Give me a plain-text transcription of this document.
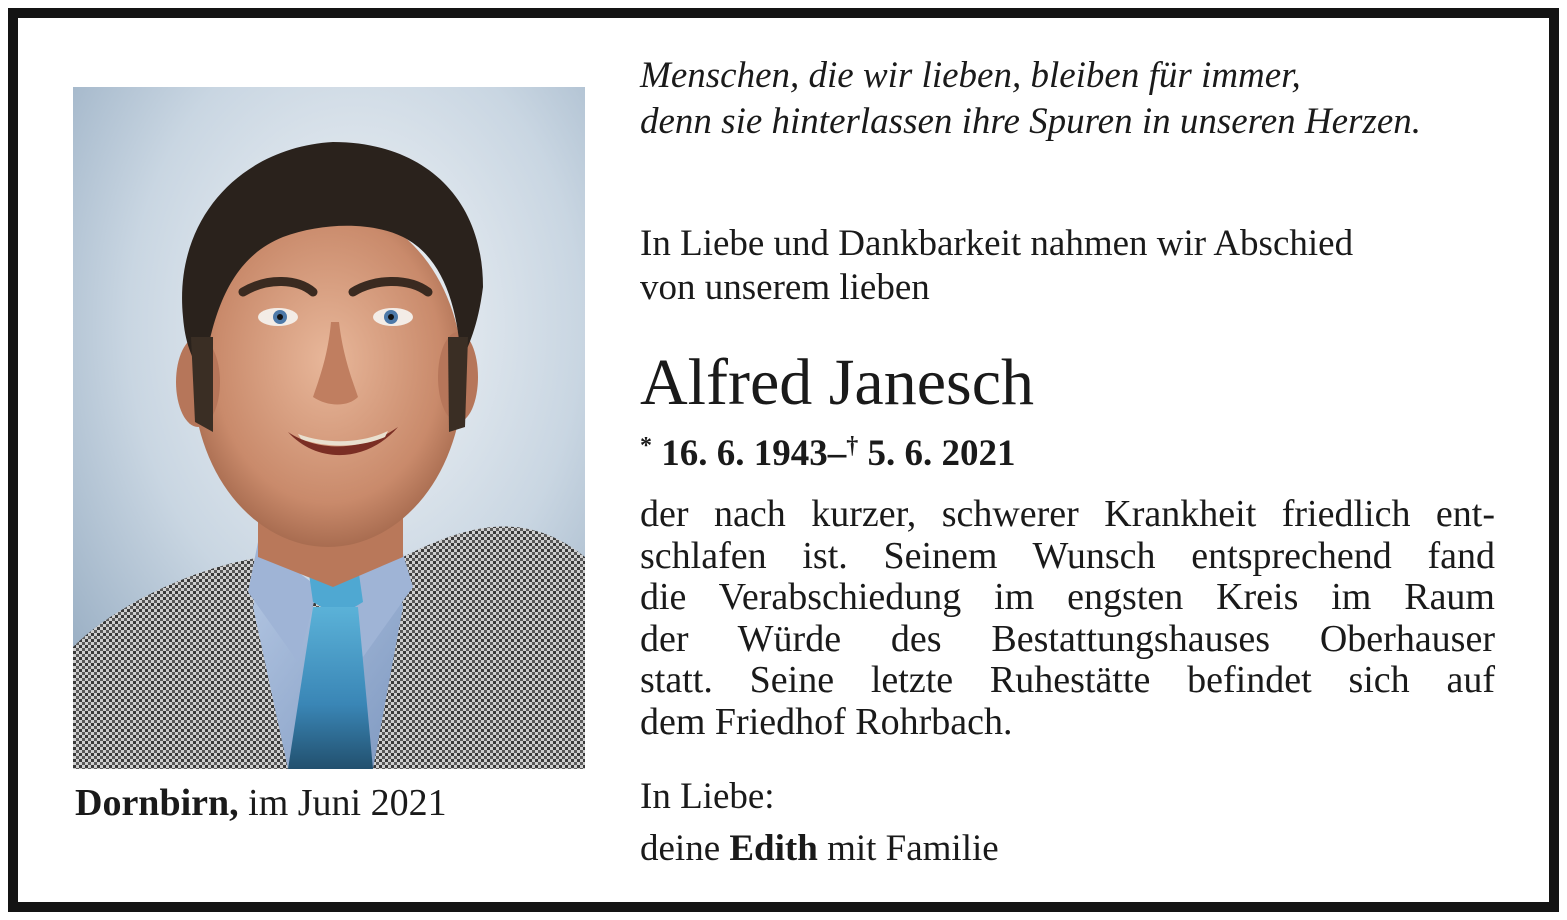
Dornbirn, im Juni 2021
Menschen, die wir lieben, bleiben für immer,
denn sie hinterlassen ihre Spuren in unseren Herzen.
In Liebe und Dankbarkeit nahmen wir Abschied
von unserem lieben
Alfred Janesch
* 16. 6. 1943–† 5. 6. 2021
der nach kurzer, schwerer Krankheit friedlich ent-
schlafen ist. Seinem Wunsch entsprechend fand
die Verabschiedung im engsten Kreis im Raum
der Würde des Bestattungshauses Oberhauser
statt. Seine letzte Ruhestätte befindet sich auf
dem Friedhof Rohrbach.
In Liebe:
deine Edith mit Familie
